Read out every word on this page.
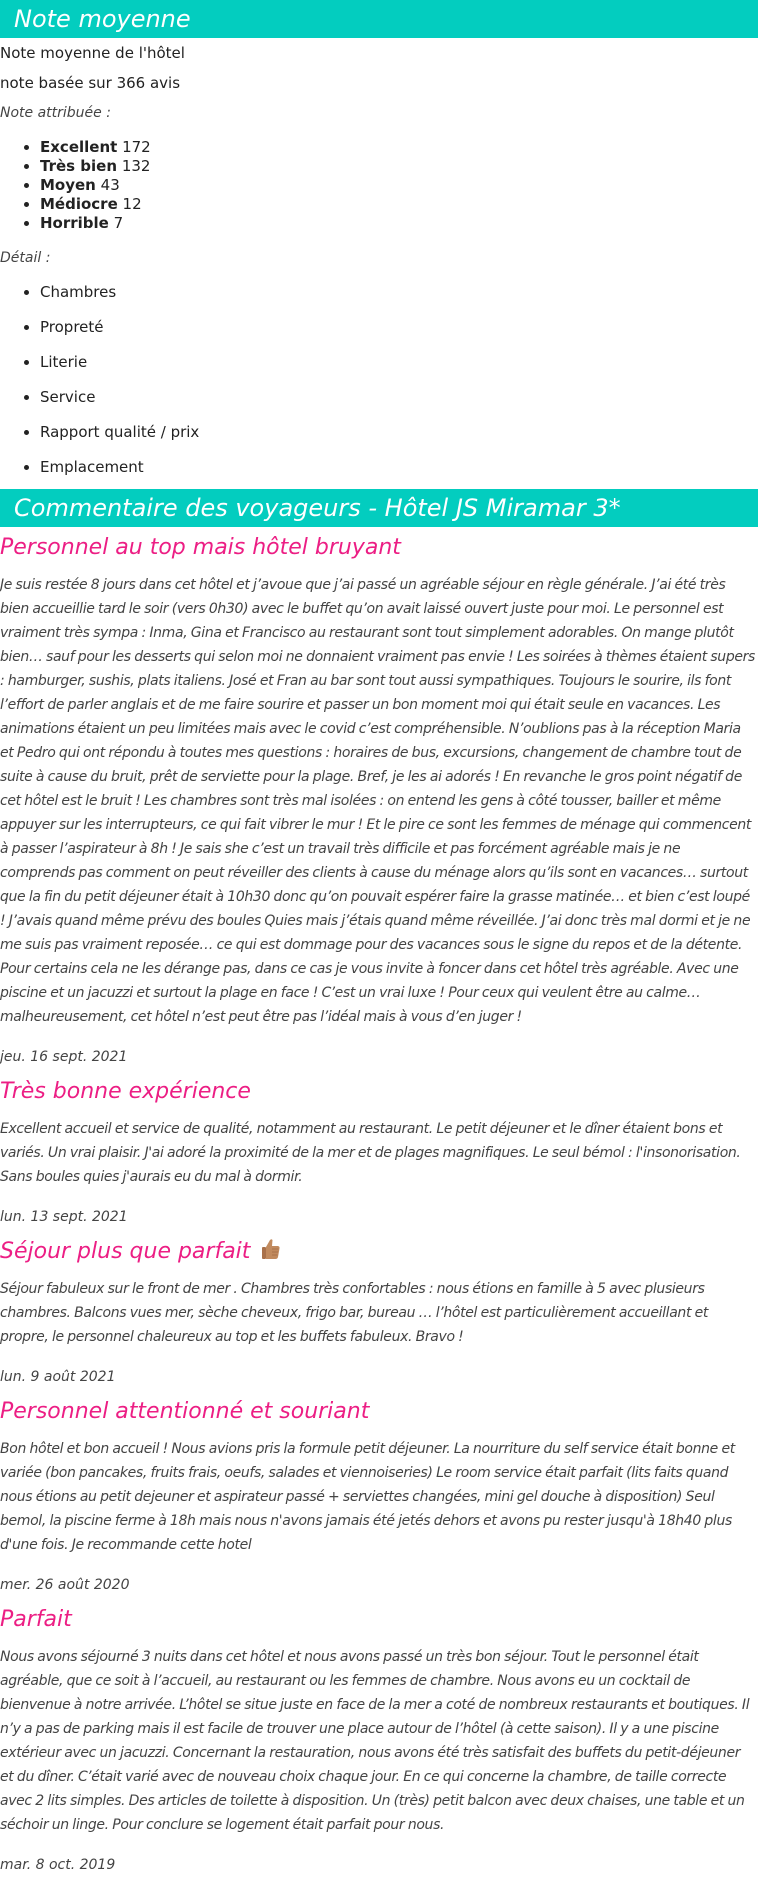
Note moyenne

Note moyenne de l'hôtel

note basée sur 366 avis

Note attribuée :

• Excellent 172
• Très bien 132
• Moyen 43
• Médiocre 12
• Horrible 7

Détail :

• Chambres
• Propreté
• Literie
• Service
• Rapport qualité / prix
• Emplacement
Commentaire des voyageurs - Hôtel JS Miramar 3*
Personnel au top mais hôtel bruyant

Je suis restée 8 jours dans cet hôtel et j’avoue que j’ai passé un agréable séjour en règle générale. J’ai été très bien accueillie tard le soir (vers 0h30) avec le buffet qu’on avait laissé ouvert juste pour moi. Le personnel est vraiment très sympa : Inma, Gina et Francisco au restaurant sont tout simplement adorables. On mange plutôt bien… sauf pour les desserts qui selon moi ne donnaient vraiment pas envie ! Les soirées à thèmes étaient supers : hamburger, sushis, plats italiens. José et Fran au bar sont tout aussi sympathiques. Toujours le sourire, ils font l’effort de parler anglais et de me faire sourire et passer un bon moment moi qui était seule en vacances. Les animations étaient un peu limitées mais avec le covid c’est compréhensible. N’oublions pas à la réception Maria et Pedro qui ont répondu à toutes mes questions : horaires de bus, excursions, changement de chambre tout de suite à cause du bruit, prêt de serviette pour la plage. Bref, je les ai adorés ! En revanche le gros point négatif de cet hôtel est le bruit ! Les chambres sont très mal isolées : on entend les gens à côté tousser, bailler et même appuyer sur les interrupteurs, ce qui fait vibrer le mur ! Et le pire ce sont les femmes de ménage qui commencent à passer l’aspirateur à 8h ! Je sais she c’est un travail très difficile et pas forcément agréable mais je ne comprends pas comment on peut réveiller des clients à cause du ménage alors qu’ils sont en vacances… surtout que la fin du petit déjeuner était à 10h30 donc qu’on pouvait espérer faire la grasse matinée… et bien c’est loupé ! J’avais quand même prévu des boules Quies mais j’étais quand même réveillée. J’ai donc très mal dormi et je ne me suis pas vraiment reposée… ce qui est dommage pour des vacances sous le signe du repos et de la détente. Pour certains cela ne les dérange pas, dans ce cas je vous invite à foncer dans cet hôtel très agréable. Avec une piscine et un jacuzzi et surtout la plage en face ! C’est un vrai luxe ! Pour ceux qui veulent être au calme… malheureusement, cet hôtel n’est peut être pas l’idéal mais à vous d’en juger !

jeu. 16 sept. 2021

Très bonne expérience

Excellent accueil et service de qualité, notamment au restaurant. Le petit déjeuner et le dîner étaient bons et variés. Un vrai plaisir. J'ai adoré la proximité de la mer et de plages magnifiques. Le seul bémol : l'insonorisation. Sans boules quies j'aurais eu du mal à dormir.

lun. 13 sept. 2021

Séjour plus que parfait

Séjour fabuleux sur le front de mer . Chambres très confortables : nous étions en famille à 5 avec plusieurs chambres. Balcons vues mer, sèche cheveux, frigo bar, bureau … l’hôtel est particulièrement accueillant et propre, le personnel chaleureux au top et les buffets fabuleux. Bravo !

lun. 9 août 2021

Personnel attentionné et souriant

Bon hôtel et bon accueil ! Nous avions pris la formule petit déjeuner. La nourriture du self service était bonne et variée (bon pancakes, fruits frais, oeufs, salades et viennoiseries) Le room service était parfait (lits faits quand nous étions au petit dejeuner et aspirateur passé + serviettes changées, mini gel douche à disposition) Seul bemol, la piscine ferme à 18h mais nous n'avons jamais été jetés dehors et avons pu rester jusqu'à 18h40 plus d'une fois. Je recommande cette hotel

mer. 26 août 2020

Parfait

Nous avons séjourné 3 nuits dans cet hôtel et nous avons passé un très bon séjour. Tout le personnel était agréable, que ce soit à l’accueil, au restaurant ou les femmes de chambre. Nous avons eu un cocktail de bienvenue à notre arrivée. L’hôtel se situe juste en face de la mer a coté de nombreux restaurants et boutiques. Il n’y a pas de parking mais il est facile de trouver une place autour de l’hôtel (à cette saison). Il y a une piscine extérieur avec un jacuzzi. Concernant la restauration, nous avons été très satisfait des buffets du petit-déjeuner et du dîner. C’était varié avec de nouveau choix chaque jour. En ce qui concerne la chambre, de taille correcte avec 2 lits simples. Des articles de toilette à disposition. Un (très) petit balcon avec deux chaises, une table et un séchoir un linge. Pour conclure se logement était parfait pour nous.

mar. 8 oct. 2019
